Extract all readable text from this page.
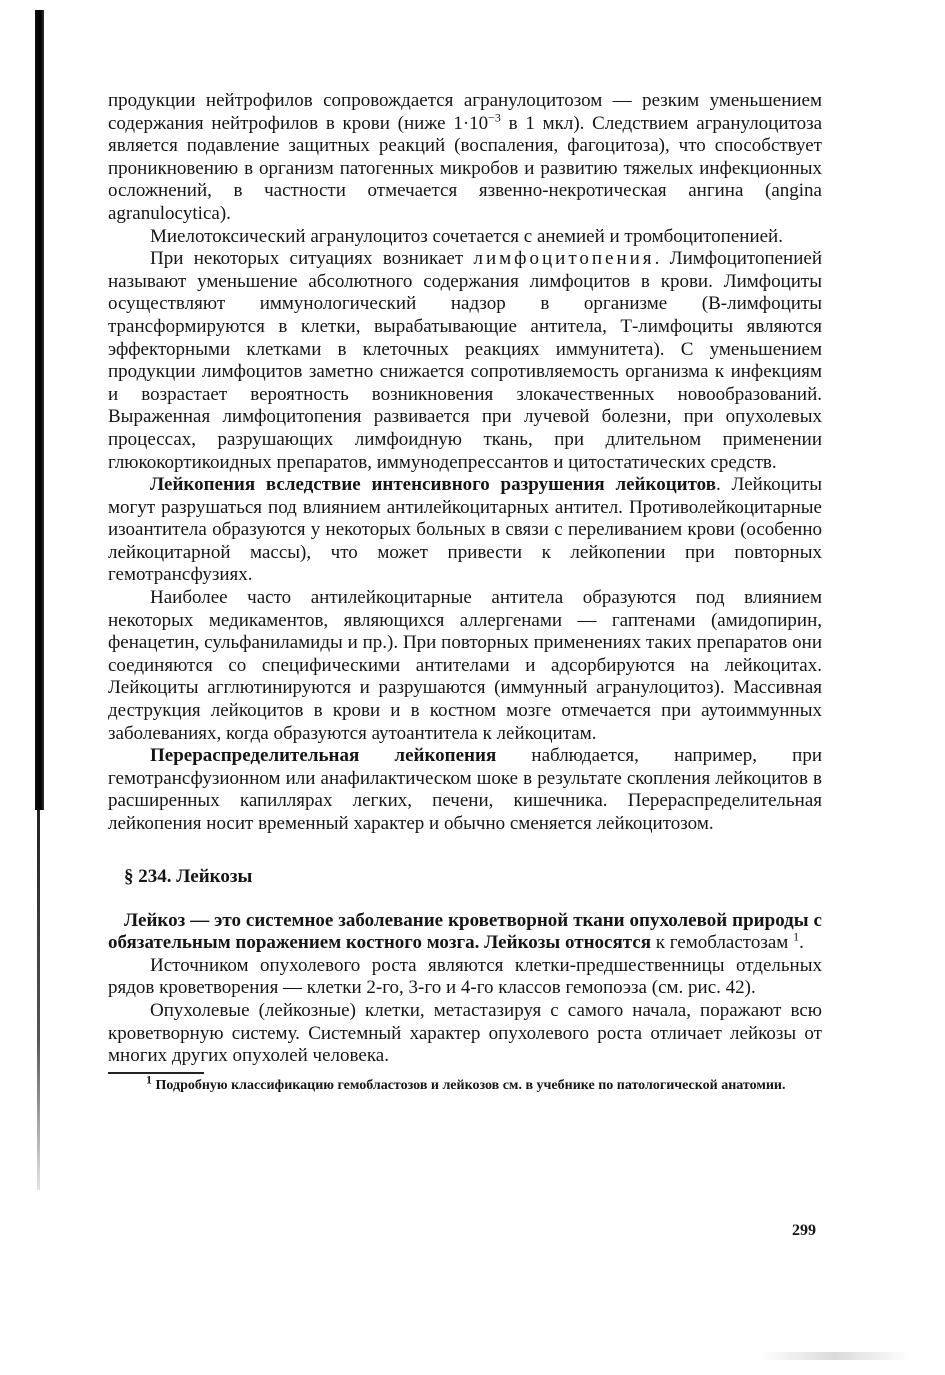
продукции нейтрофилов сопровождается агранулоцитозом — резким уменьшением содержания нейтрофилов в крови (ниже $1\cdot 10^{-3}$ в 1 мкл). Следствием агранулоцитоза является подавление защитных реакций (воспаления, фагоцитоза), что способствует проникновению в организм патогенных микробов и развитию тяжелых инфекционных осложнений, в частности отмечается язвенно-некротическая ангина (angina agranulocytica).

Миелотоксический агранулоцитоз сочетается с анемией и тромбоцитопенией.

При некоторых ситуациях возникает лимфоцитопения. Лимфоцитопенией называют уменьшение абсолютного содержания лимфоцитов в крови. Лимфоциты осуществляют иммунологический надзор в организме (В-лимфоциты трансформируются в клетки, вырабатывающие антитела, Т-лимфоциты являются эффекторными клетками в клеточных реакциях иммунитета). С уменьшением продукции лимфоцитов заметно снижается сопротивляемость организма к инфекциям и возрастает вероятность возникновения злокачественных новообразований. Выраженная лимфоцитопения развивается при лучевой болезни, при опухолевых процессах, разрушающих лимфоидную ткань, при длительном применении глюкокортикоидных препаратов, иммунодепрессантов и цитостатических средств.

Лейкопения вследствие интенсивного разрушения лейкоцитов. Лейкоциты могут разрушаться под влиянием антилейкоцитарных антител. Противолейкоцитарные изоантитела образуются у некоторых больных в связи с переливанием крови (особенно лейкоцитарной массы), что может привести к лейкопении при повторных гемотрансфузиях.

Наиболее часто антилейкоцитарные антитела образуются под влиянием некоторых медикаментов, являющихся аллергенами — гаптенами (амидопирин, фенацетин, сульфаниламиды и пр.). При повторных применениях таких препаратов они соединяются со специфическими антителами и адсорбируются на лейкоцитах. Лейкоциты агглютинируются и разрушаются (иммунный агранулоцитоз). Массивная деструкция лейкоцитов в крови и в костном мозге отмечается при аутоиммунных заболеваниях, когда образуются аутоантитела к лейкоцитам.

Перераспределительная лейкопения наблюдается, например, при гемотрансфузионном или анафилактическом шоке в результате скопления лейкоцитов в расширенных капиллярах легких, печени, кишечника. Перераспределительная лейкопения носит временный характер и обычно сменяется лейкоцитозом.

§ 234. Лейкозы

Лейкоз — это системное заболевание кроветворной ткани опухолевой природы с обязательным поражением костного мозга. Лейкозы относятся к гемобластозам $^1$.

Источником опухолевого роста являются клетки-предшественницы отдельных рядов кроветворения — клетки 2-го, 3-го и 4-го классов гемопоэза (см. рис. 42).

Опухолевые (лейкозные) клетки, метастазируя с самого начала, поражают всю кроветворную систему. Системный характер опухолевого роста отличает лейкозы от многих других опухолей человека.

$^1$ Подробную классификацию гемобластозов и лейкозов см. в учебнике по патологической анатомии.

299
